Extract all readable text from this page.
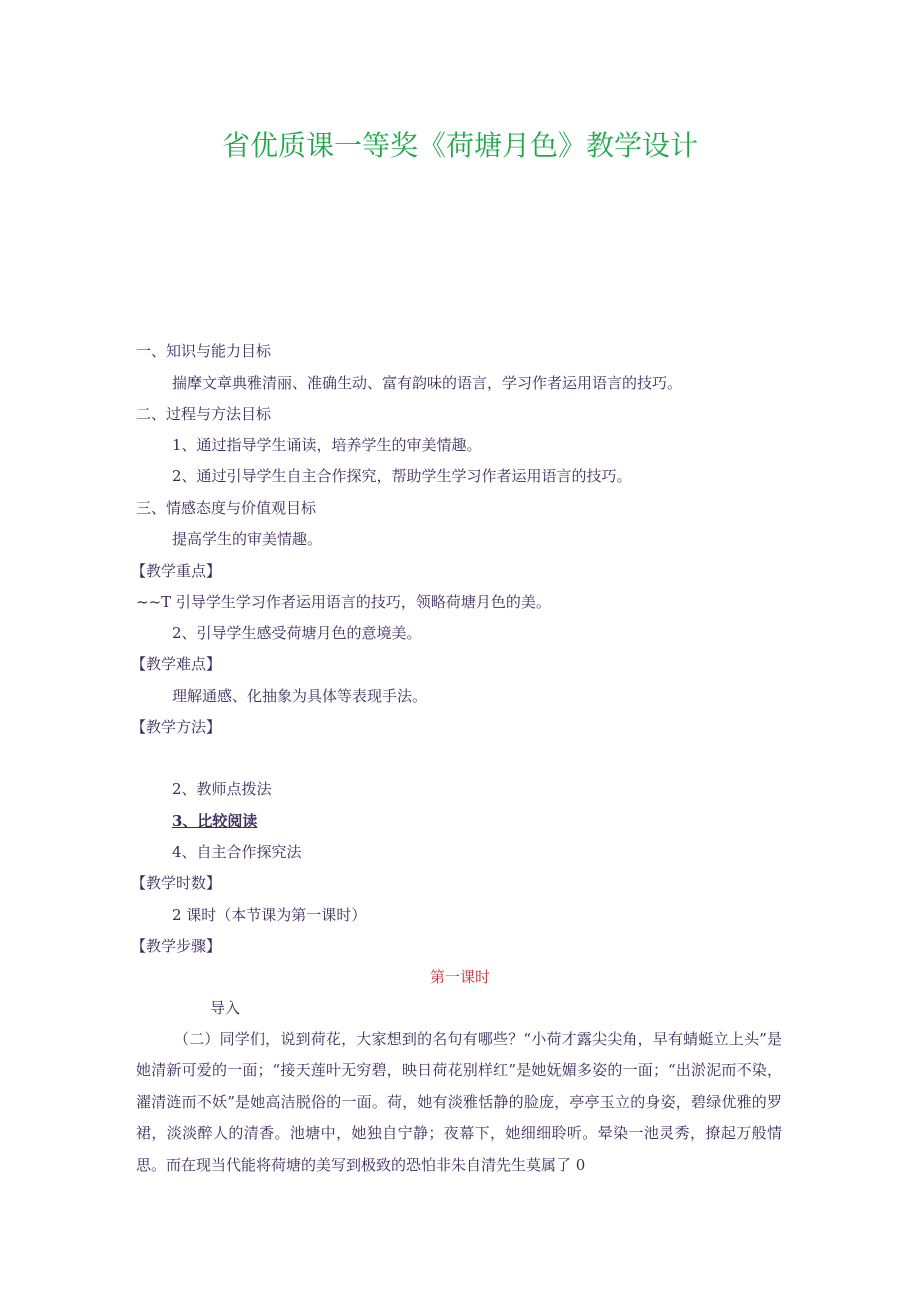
省优质课一等奖《荷塘月色》教学设计
一、知识与能力目标
揣摩文章典雅清丽、准确生动、富有韵味的语言，学习作者运用语言的技巧。
二、过程与方法目标
1、通过指导学生诵读，培养学生的审美情趣。
2、通过引导学生自主合作探究，帮助学生学习作者运用语言的技巧。
三、情感态度与价值观目标
提高学生的审美情趣。
【教学重点】
~~T 引导学生学习作者运用语言的技巧，领略荷塘月色的美。
2、引导学生感受荷塘月色的意境美。
【教学难点】
理解通感、化抽象为具体等表现手法。
【教学方法】
2、教师点拨法
3、比较阅读
4、自主合作探究法
【教学时数】
2 课时（本节课为第一课时）
【教学步骤】
第一课时
导入
（二）同学们，说到荷花，大家想到的名句有哪些？“小荷才露尖尖角，早有蜻蜓立上头”是她清新可爱的一面；“接天莲叶无穷碧，映日荷花别样红”是她妩媚多姿的一面；“出淤泥而不染，濯清涟而不妖”是她高洁脱俗的一面。荷，她有淡雅恬静的脸庞，亭亭玉立的身姿，碧绿优雅的罗裙，淡淡醉人的清香。池塘中，她独自宁静；夜幕下，她细细聆听。晕染一池灵秀，撩起万般情思。而在现当代能将荷塘的美写到极致的恐怕非朱自清先生莫属了 0
